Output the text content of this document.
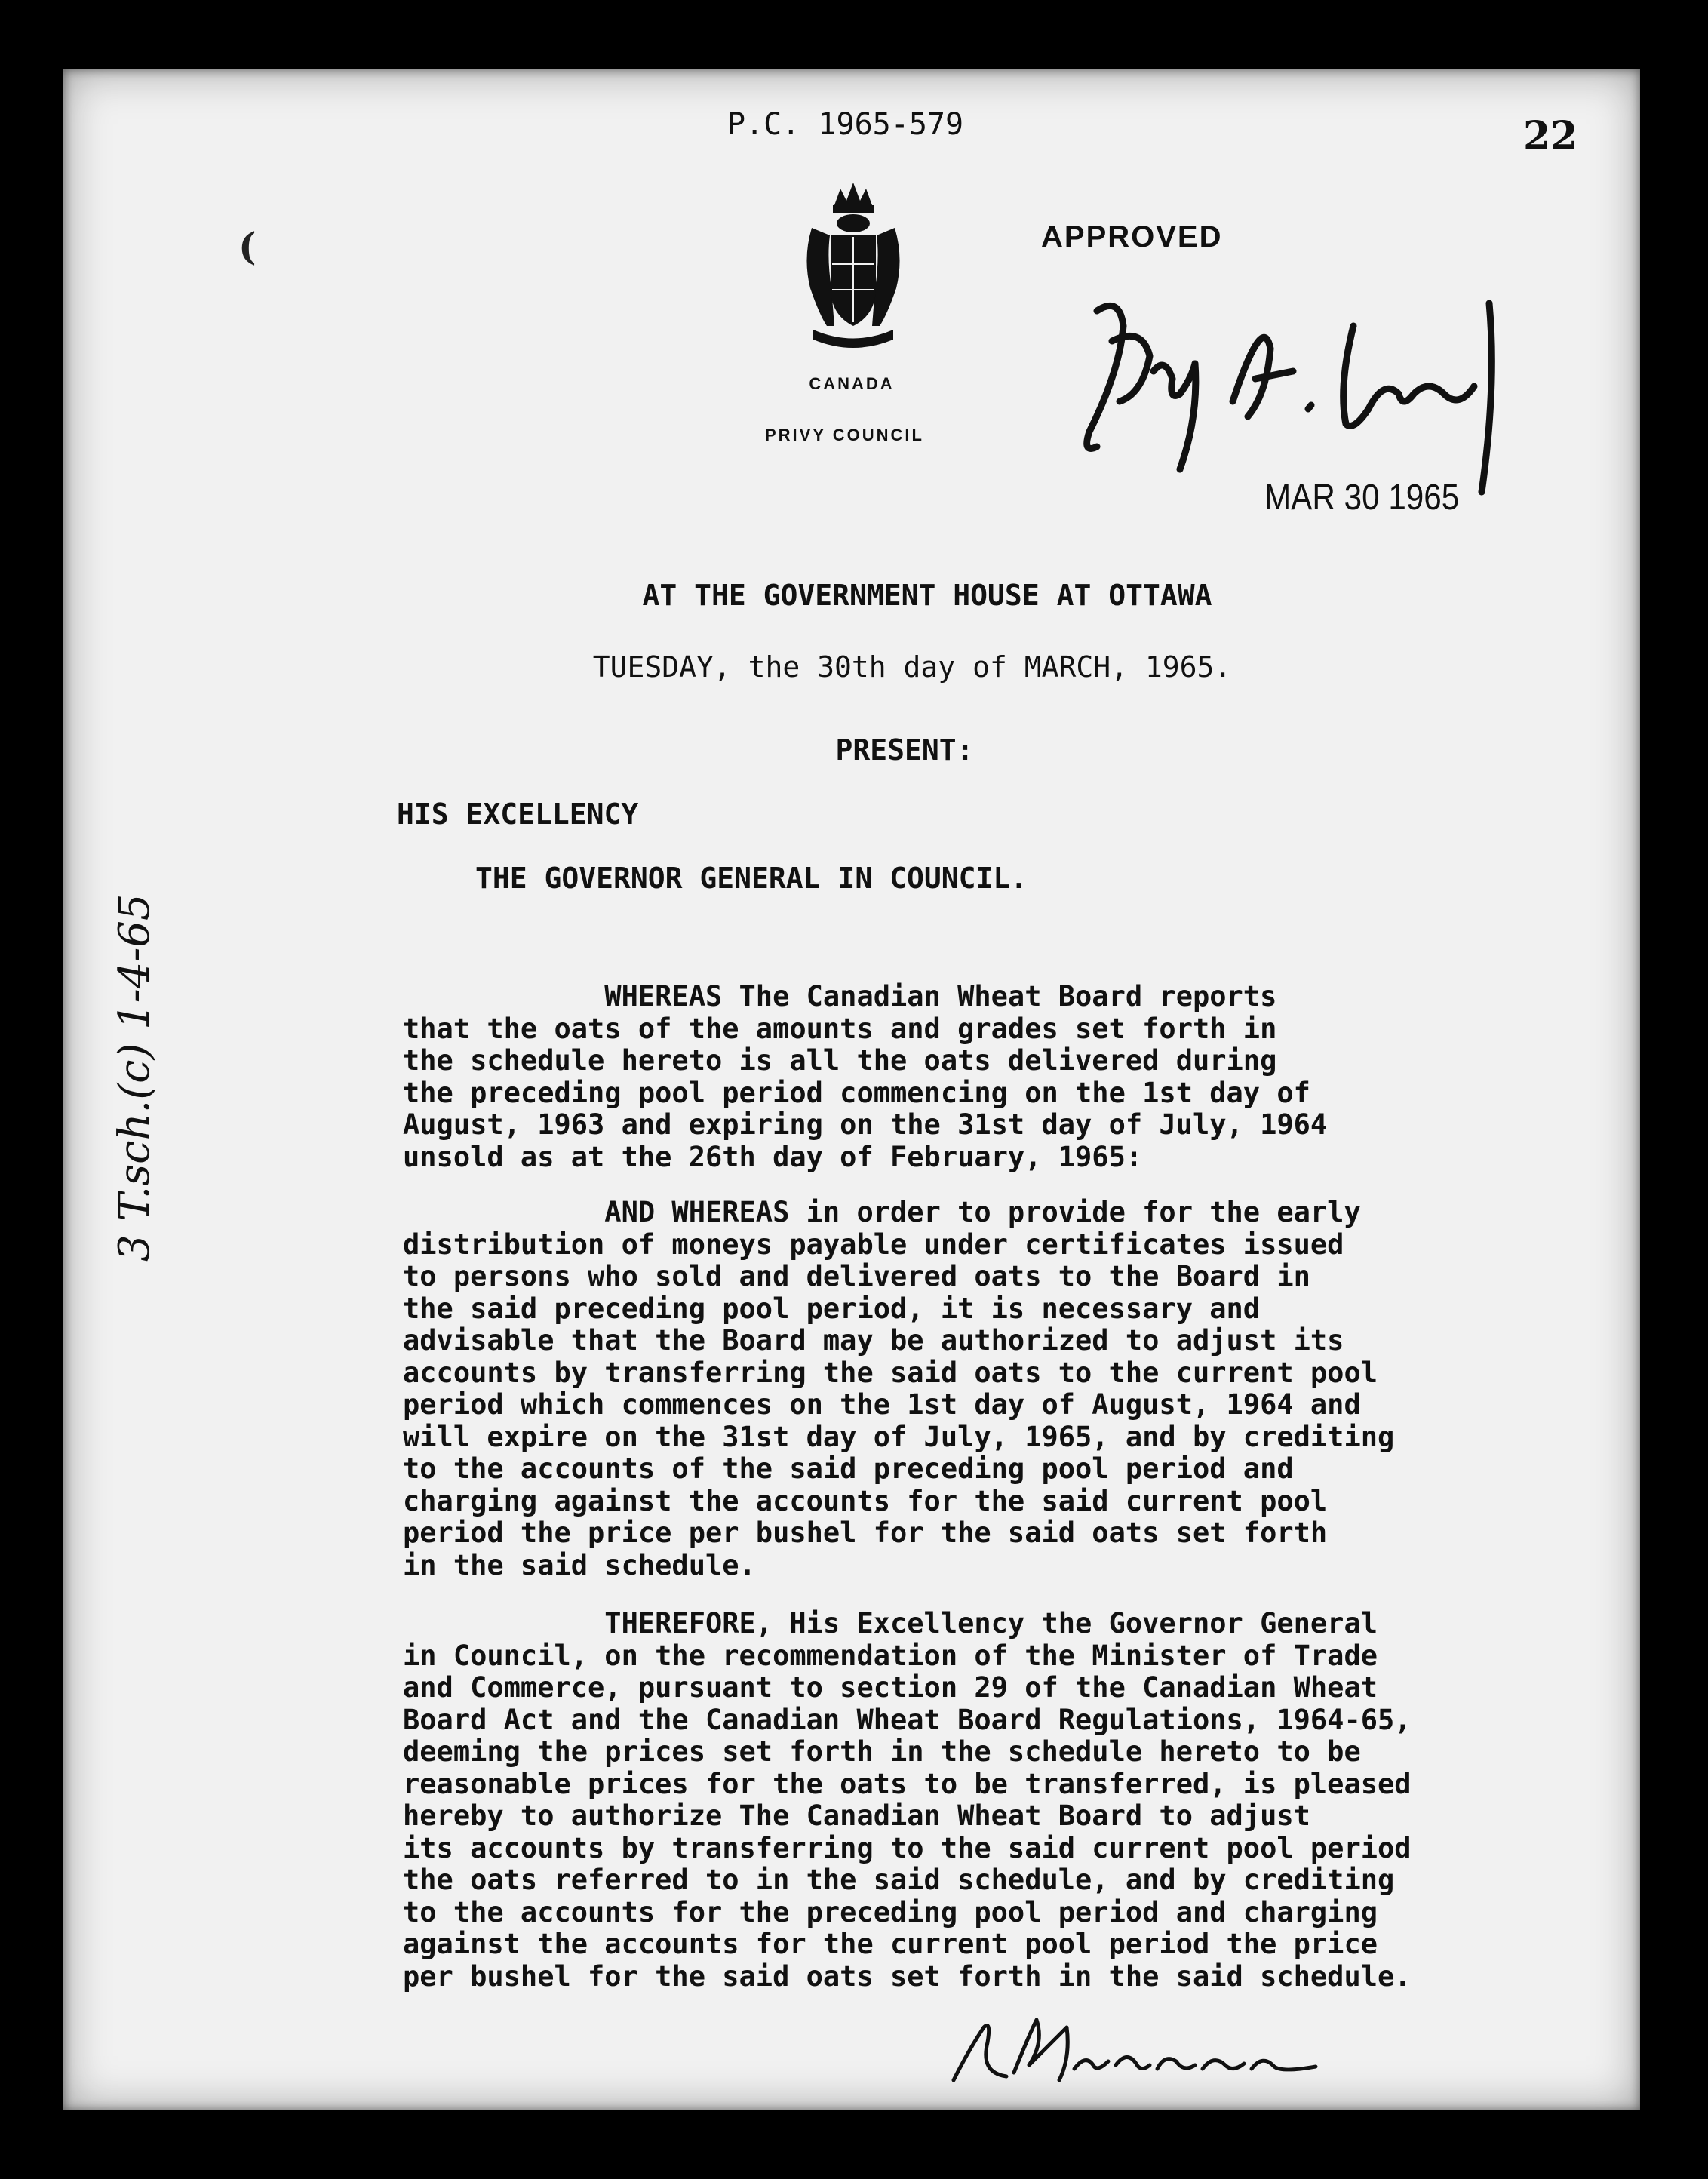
P.C. 1965-579	22
(
CANADA
PRIVY COUNCIL
APPROVED
MAR 30 1965
3 T.sch.(c) 1-4-65
AT THE GOVERNMENT HOUSE AT OTTAWA
TUESDAY, the 30th day of MARCH, 1965.
PRESENT:
HIS EXCELLENCY
THE GOVERNOR GENERAL IN COUNCIL.
WHEREAS The Canadian Wheat Board reports
that the oats of the amounts and grades set forth in
the schedule hereto is all the oats delivered during
the preceding pool period commencing on the 1st day of
August, 1963 and expiring on the 31st day of July, 1964
unsold as at the 26th day of February, 1965:
AND WHEREAS in order to provide for the early
distribution of moneys payable under certificates issued
to persons who sold and delivered oats to the Board in
the said preceding pool period, it is necessary and
advisable that the Board may be authorized to adjust its
accounts by transferring the said oats to the current pool
period which commences on the 1st day of August, 1964 and
will expire on the 31st day of July, 1965, and by crediting
to the accounts of the said preceding pool period and
charging against the accounts for the said current pool
period the price per bushel for the said oats set forth
in the said schedule.
THEREFORE, His Excellency the Governor General
in Council, on the recommendation of the Minister of Trade
and Commerce, pursuant to section 29 of the Canadian Wheat
Board Act and the Canadian Wheat Board Regulations, 1964-65,
deeming the prices set forth in the schedule hereto to be
reasonable prices for the oats to be transferred, is pleased
hereby to authorize The Canadian Wheat Board to adjust
its accounts by transferring to the said current pool period
the oats referred to in the said schedule, and by crediting
to the accounts for the preceding pool period and charging
against the accounts for the current pool period the price
per bushel for the said oats set forth in the said schedule.
